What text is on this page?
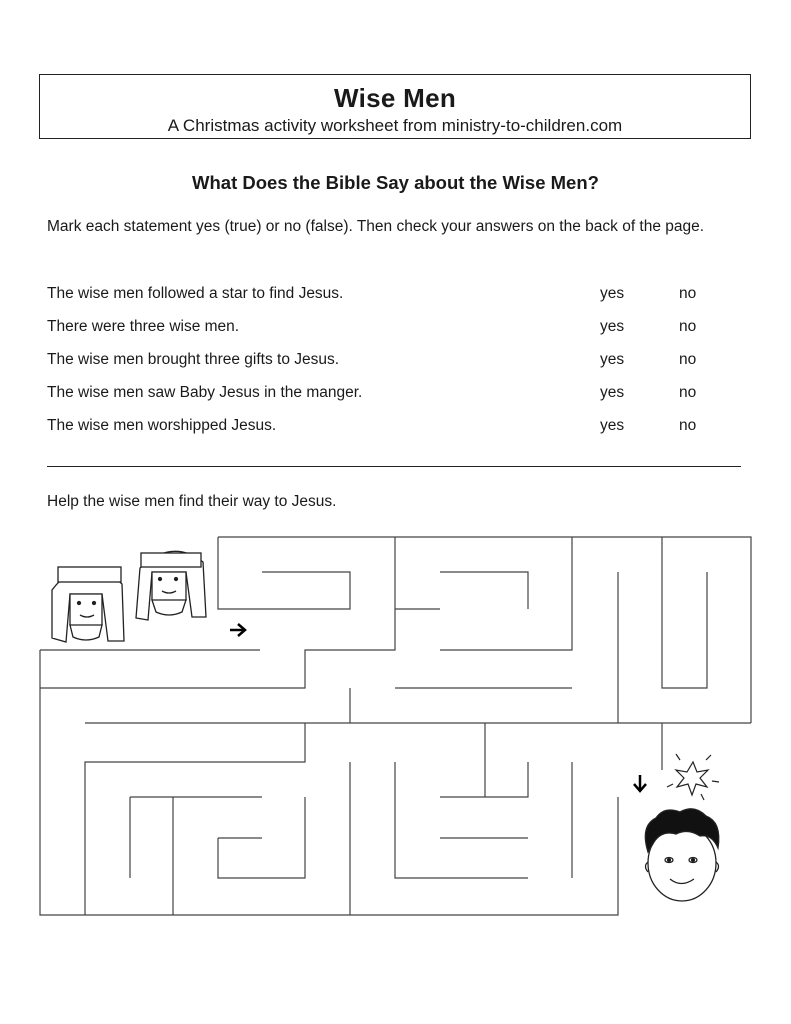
Wise Men
A Christmas activity worksheet from ministry-to-children.com
What Does the Bible Say about the Wise Men?
Mark each statement yes (true) or no (false). Then check your answers on the back of the page.
The wise men followed a star to find Jesus.	yes	no
There were three wise men.	yes	no
The wise men brought three gifts to Jesus.	yes	no
The wise men saw Baby Jesus in the manger.	yes	no
The wise men worshipped Jesus.	yes	no
Help the wise men find their way to Jesus.
